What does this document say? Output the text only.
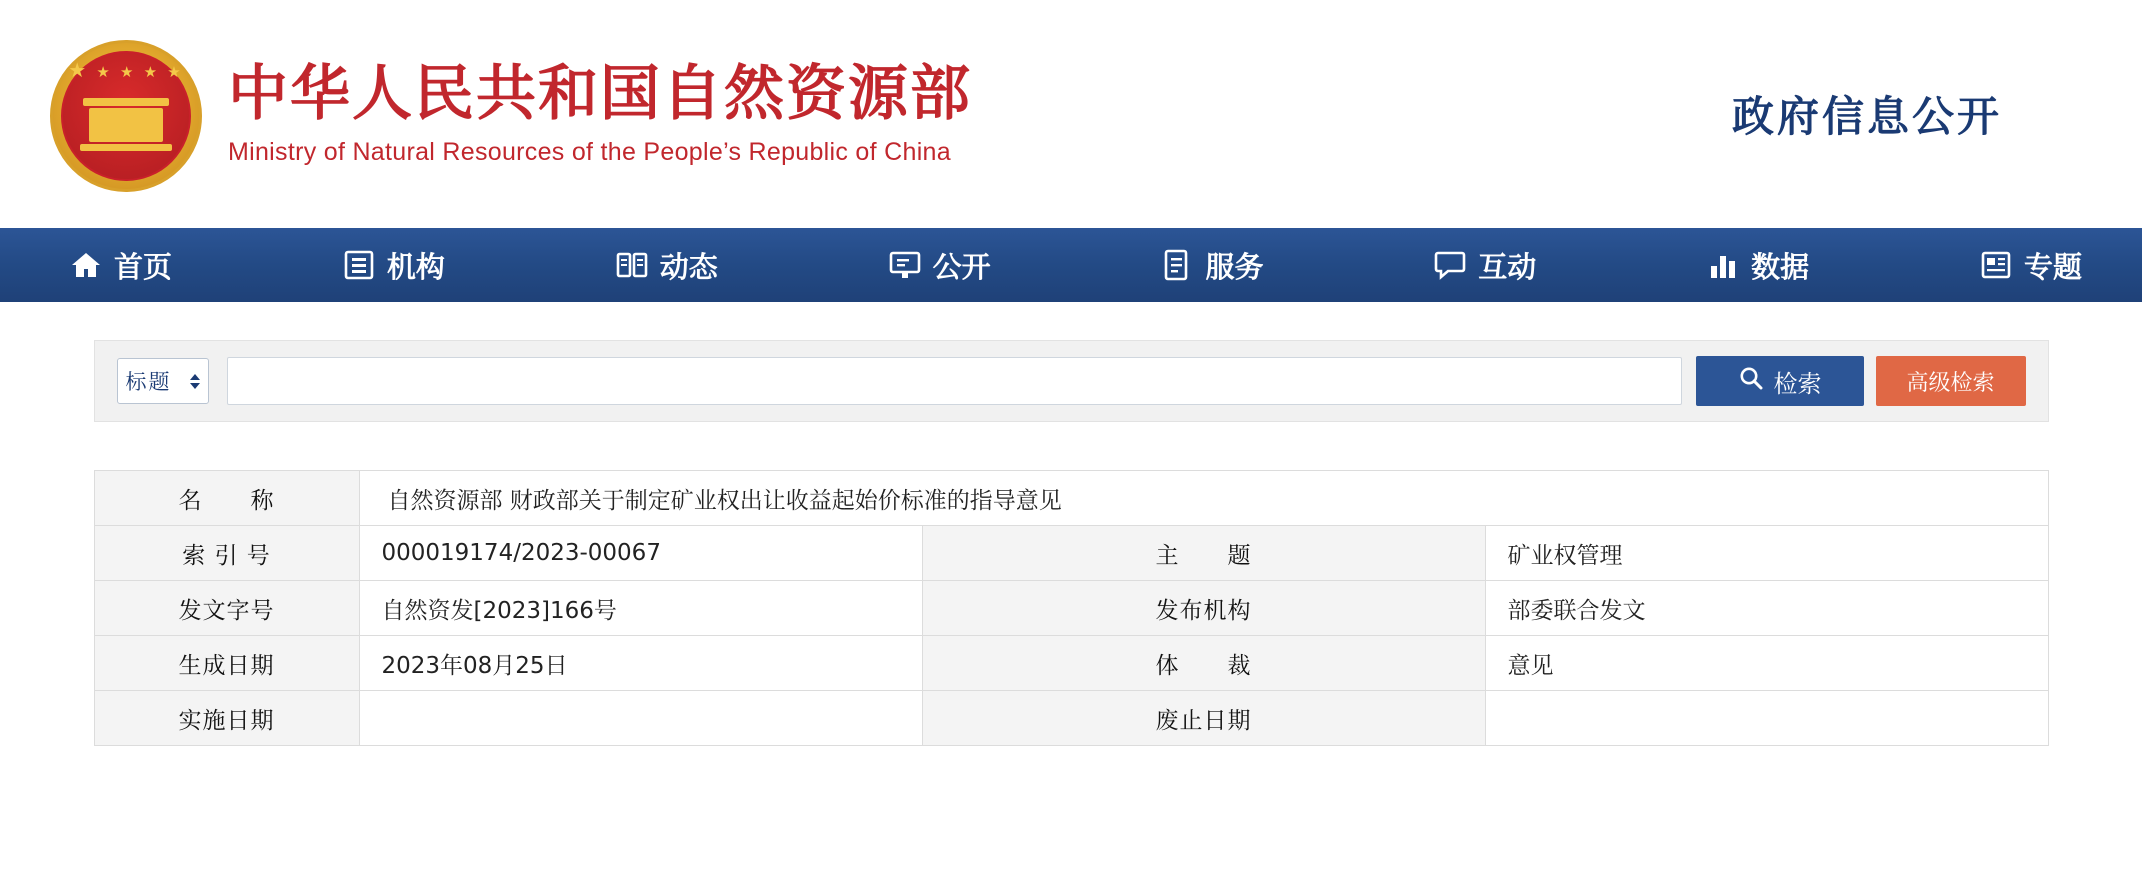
★ ★ ★ ★ ★ 中华人民共和国自然资源部
Ministry of Natural Resources of the People’s Republic of China
政府信息公开
首页	机构	动态	公开	服务	互动	数据	专题
标题	检索	高级检索
名　　称	自然资源部 财政部关于制定矿业权出让收益起始价标准的指导意见		
索 引 号	000019174/2023-00067	主　　题	矿业权管理
发文字号	自然资发[2023]166号	发布机构	部委联合发文
生成日期	2023年08月25日	体　　裁	意见
实施日期		废止日期	
